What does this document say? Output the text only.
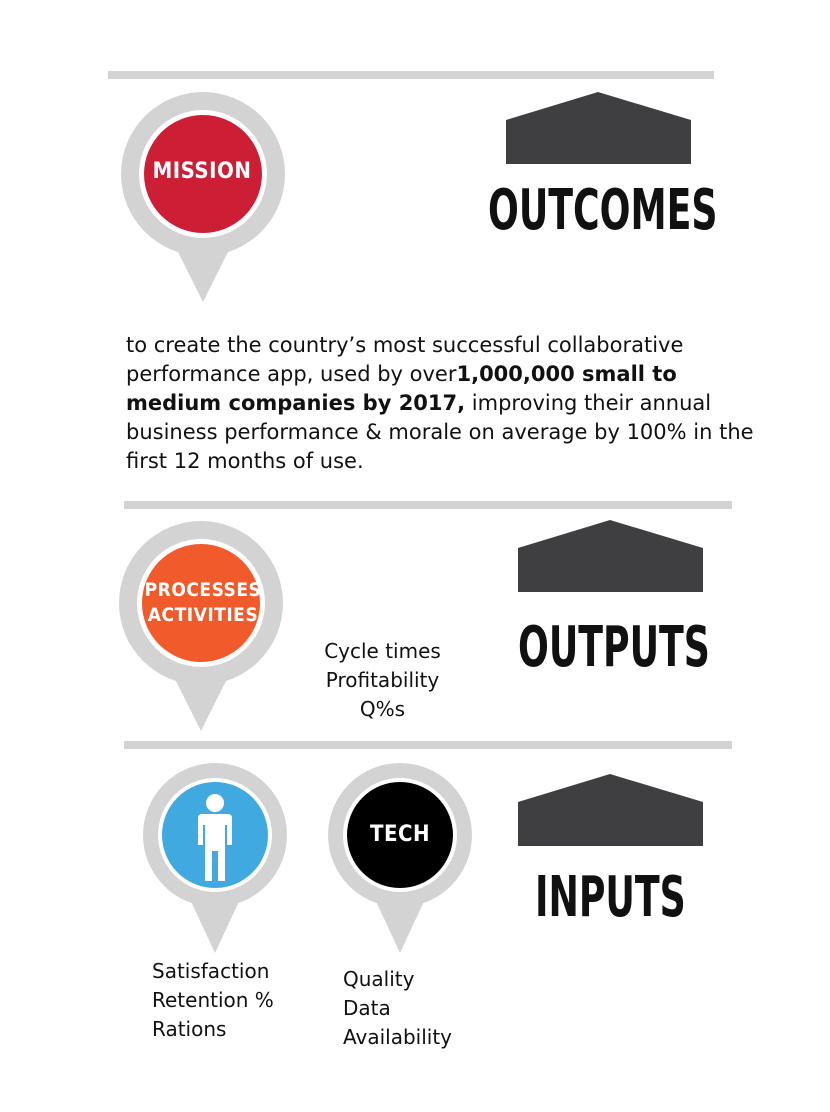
MISSION
OUTCOMES
to create the country’s most successful collaborative performance app, used by over1,000,000 small to medium companies by 2017, improving their annual business performance & morale on average by 100% in the first 12 months of use.
PROCESSES
ACTIVITIES
Cycle times
Profitability
Q%s
OUTPUTS
TECH
INPUTS
Satisfaction
Retention %
Rations
Quality
Data
Availability
